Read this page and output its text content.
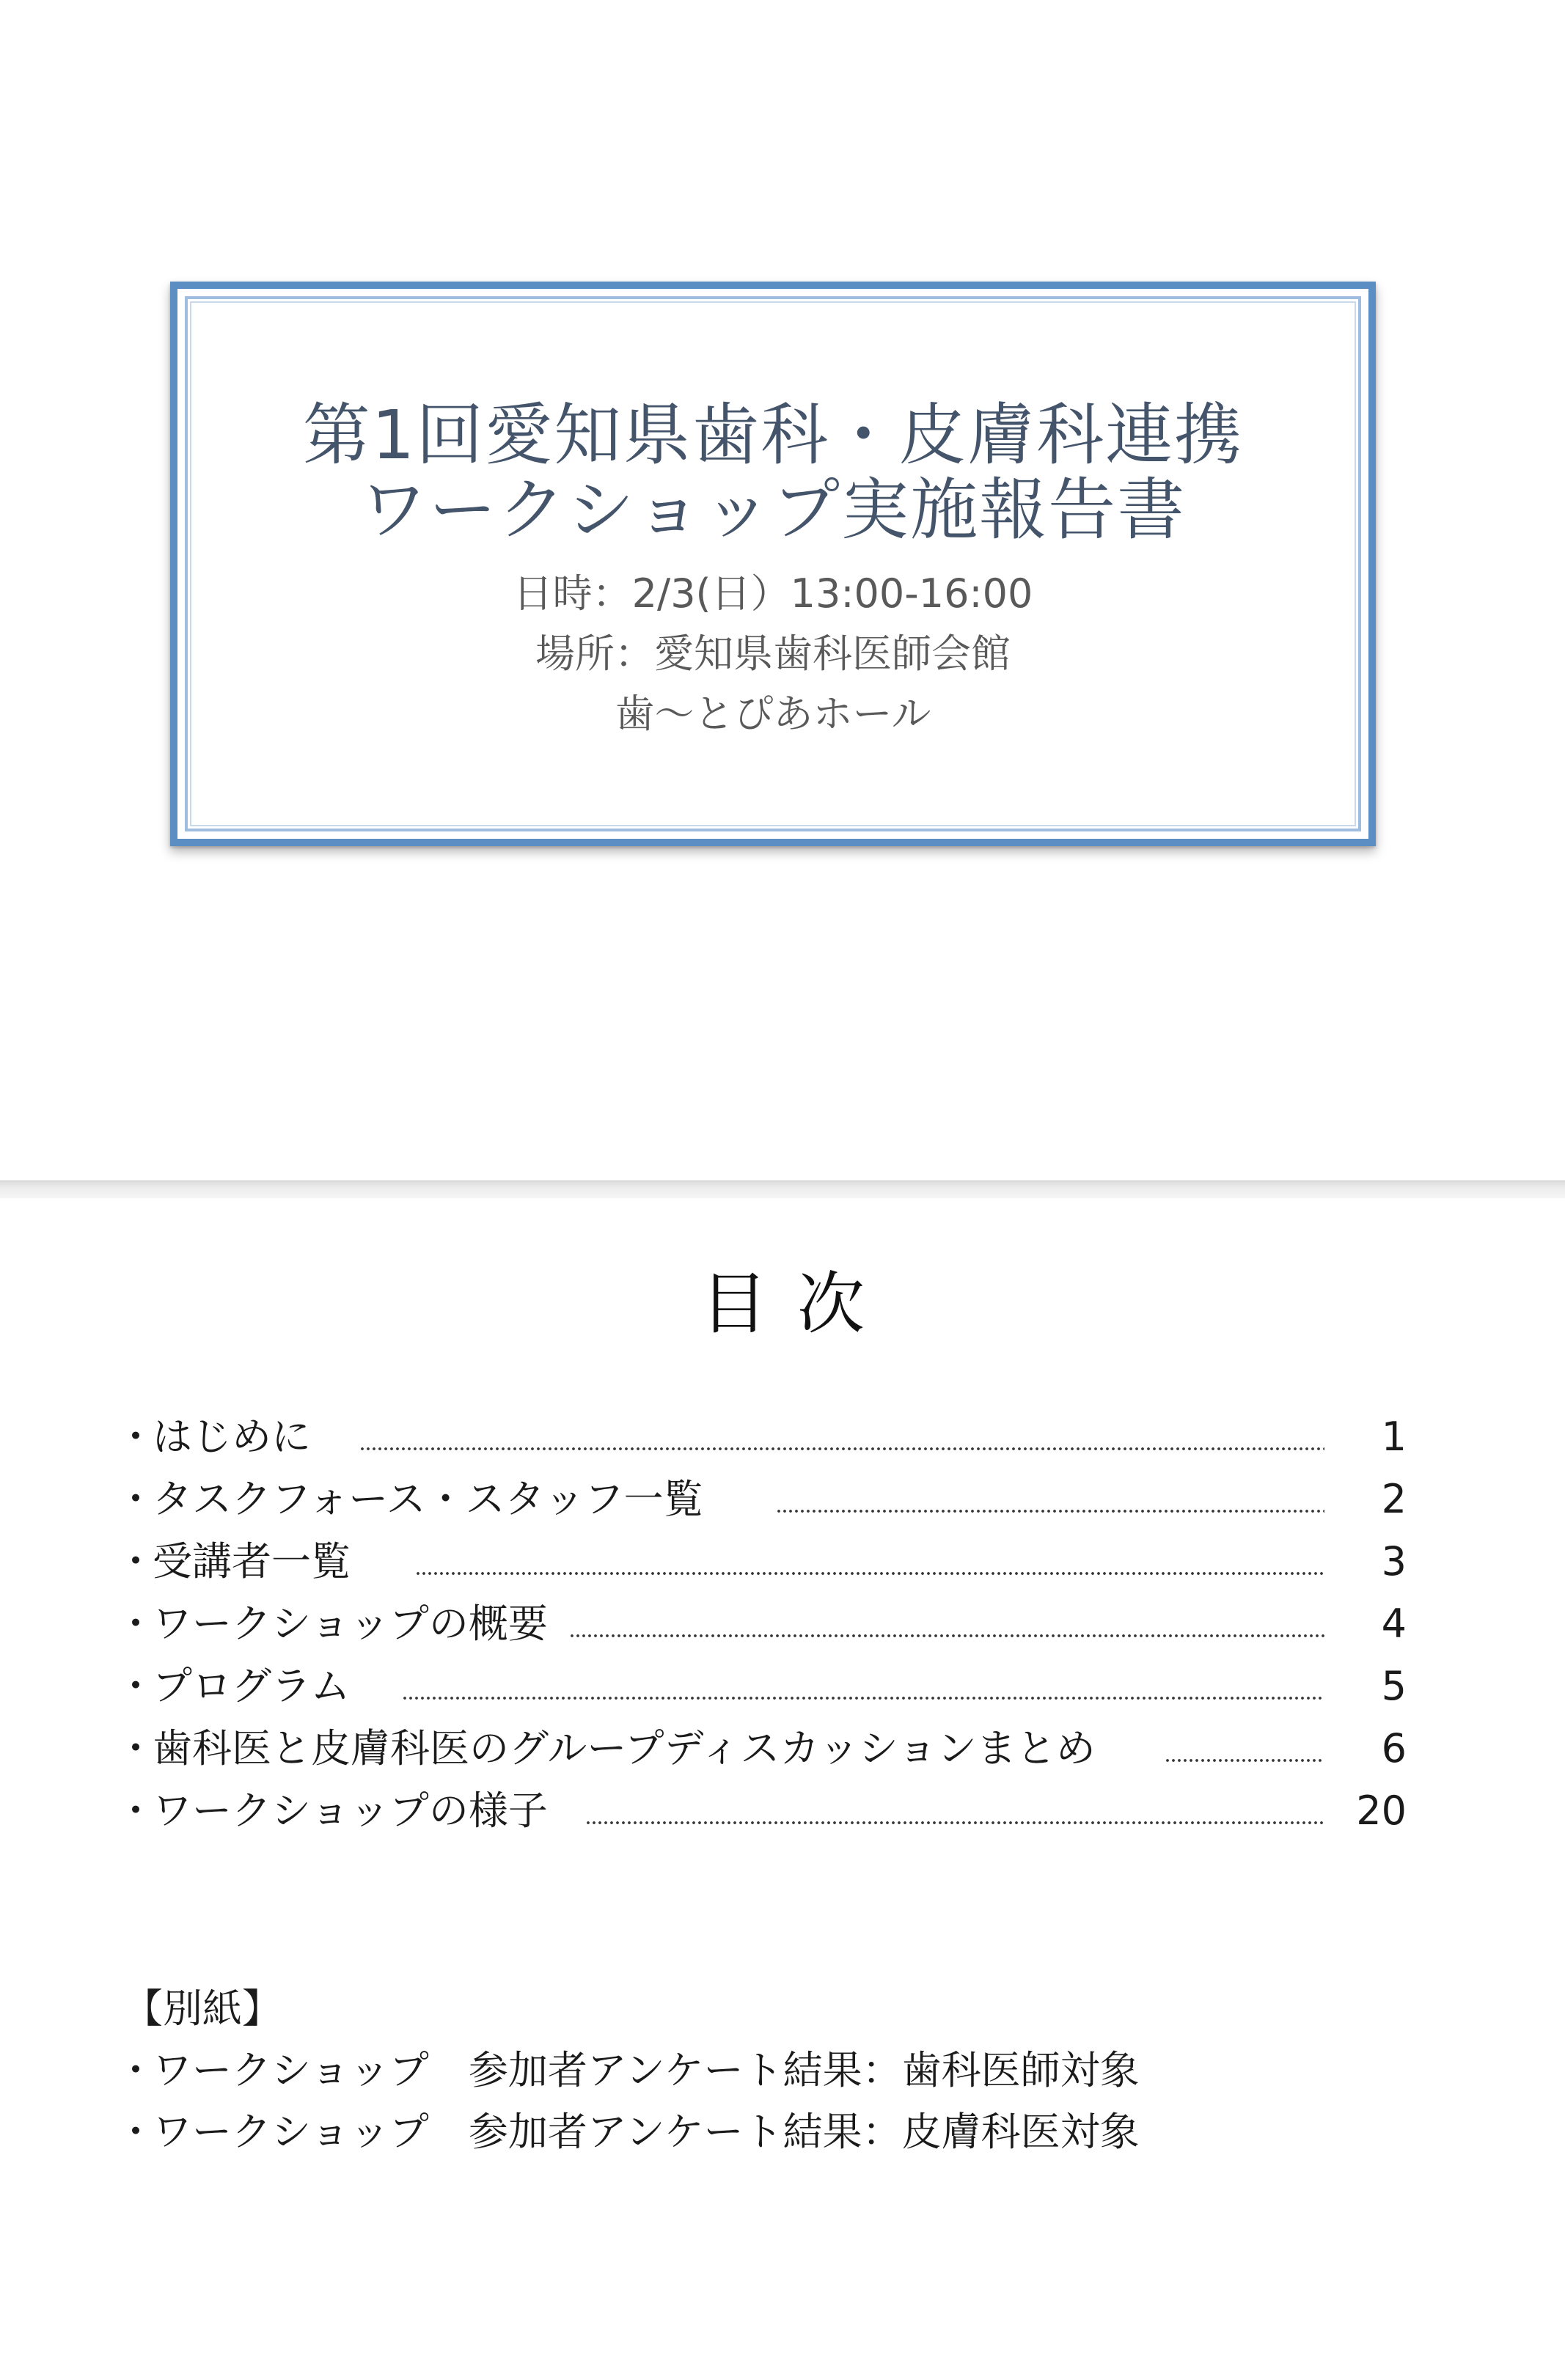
第1回愛知県歯科・皮膚科連携
ワークショップ実施報告書
日時：2/3(日）13:00-16:00
場所：愛知県歯科医師会館
歯～とぴあホール
目次
・
はじめに	1
・
タスクフォース・スタッフ一覧	2
・
受講者一覧	3
・
ワークショップの概要	4
・
プログラム	5
・
歯科医と皮膚科医のグループディスカッションまとめ	6
・
ワークショップの様子	20
【別紙】
・
ワークショップ　参加者アンケート結果：歯科医師対象
・
ワークショップ　参加者アンケート結果：皮膚科医対象
